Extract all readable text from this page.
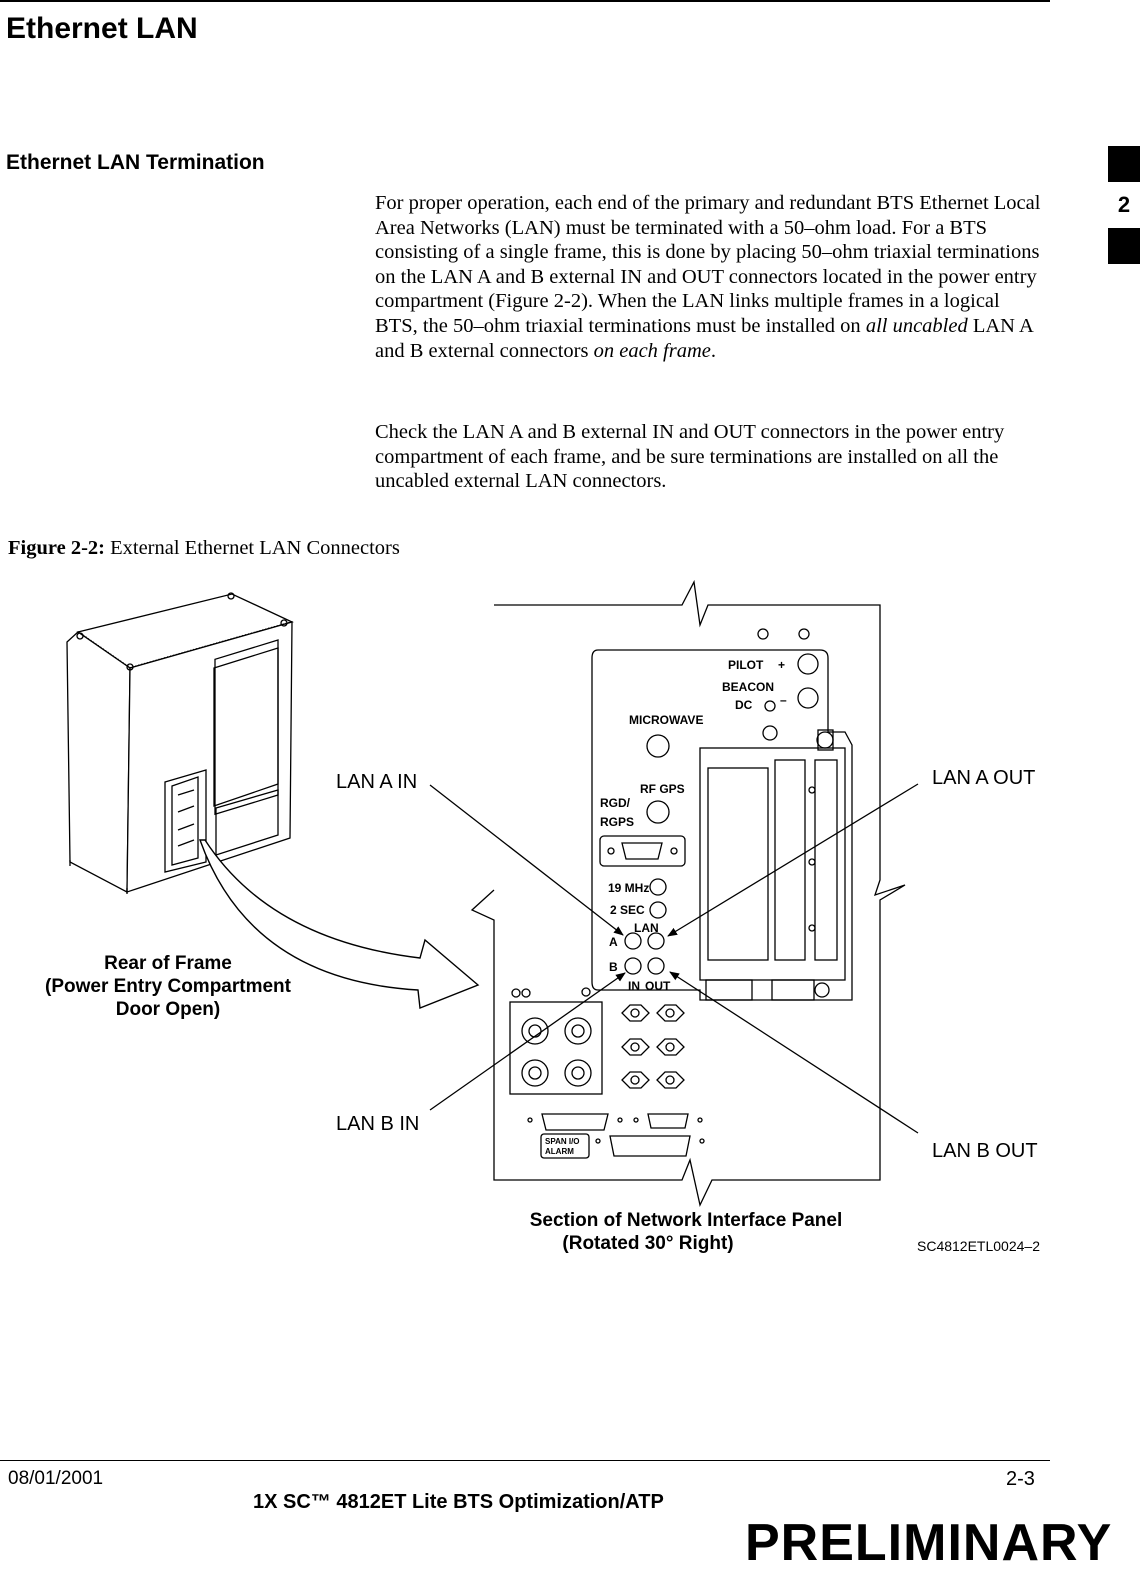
Ethernet LAN
Ethernet LAN Termination

For proper operation, each end of the primary and redundant BTS Ethernet Local Area Networks (LAN) must be terminated with a 50–ohm load. For a BTS consisting of a single frame, this is done by placing 50–ohm triaxial terminations on the LAN A and B external IN and OUT connectors located in the power entry compartment (Figure 2-2). When the LAN links multiple frames in a logical BTS, the 50–ohm triaxial terminations must be installed on all uncabled LAN A and B external connectors on each frame.

Check the LAN A and B external IN and OUT connectors in the power entry compartment of each frame, and be sure terminations are installed on all the uncabled external LAN connectors.

2
Figure 2-2: External Ethernet LAN Connectors
PILOT +
BEACON
–
DC
MICROWAVE
RF GPS
RGD/
RGPS
19 MHz
2 SEC
LAN
A
B
IN OUT
SPAN I/O
ALARM
LAN A IN	LAN A OUT
LAN B IN
LAN B OUT
Rear of Frame
(Power Entry Compartment
Door Open)
Section of Network Interface Panel
(Rotated 30° Right)	SC4812ETL0024–2
08/01/2001
1X SC™ 4812ET Lite BTS Optimization/ATP
2-3
PRELIMINARY
